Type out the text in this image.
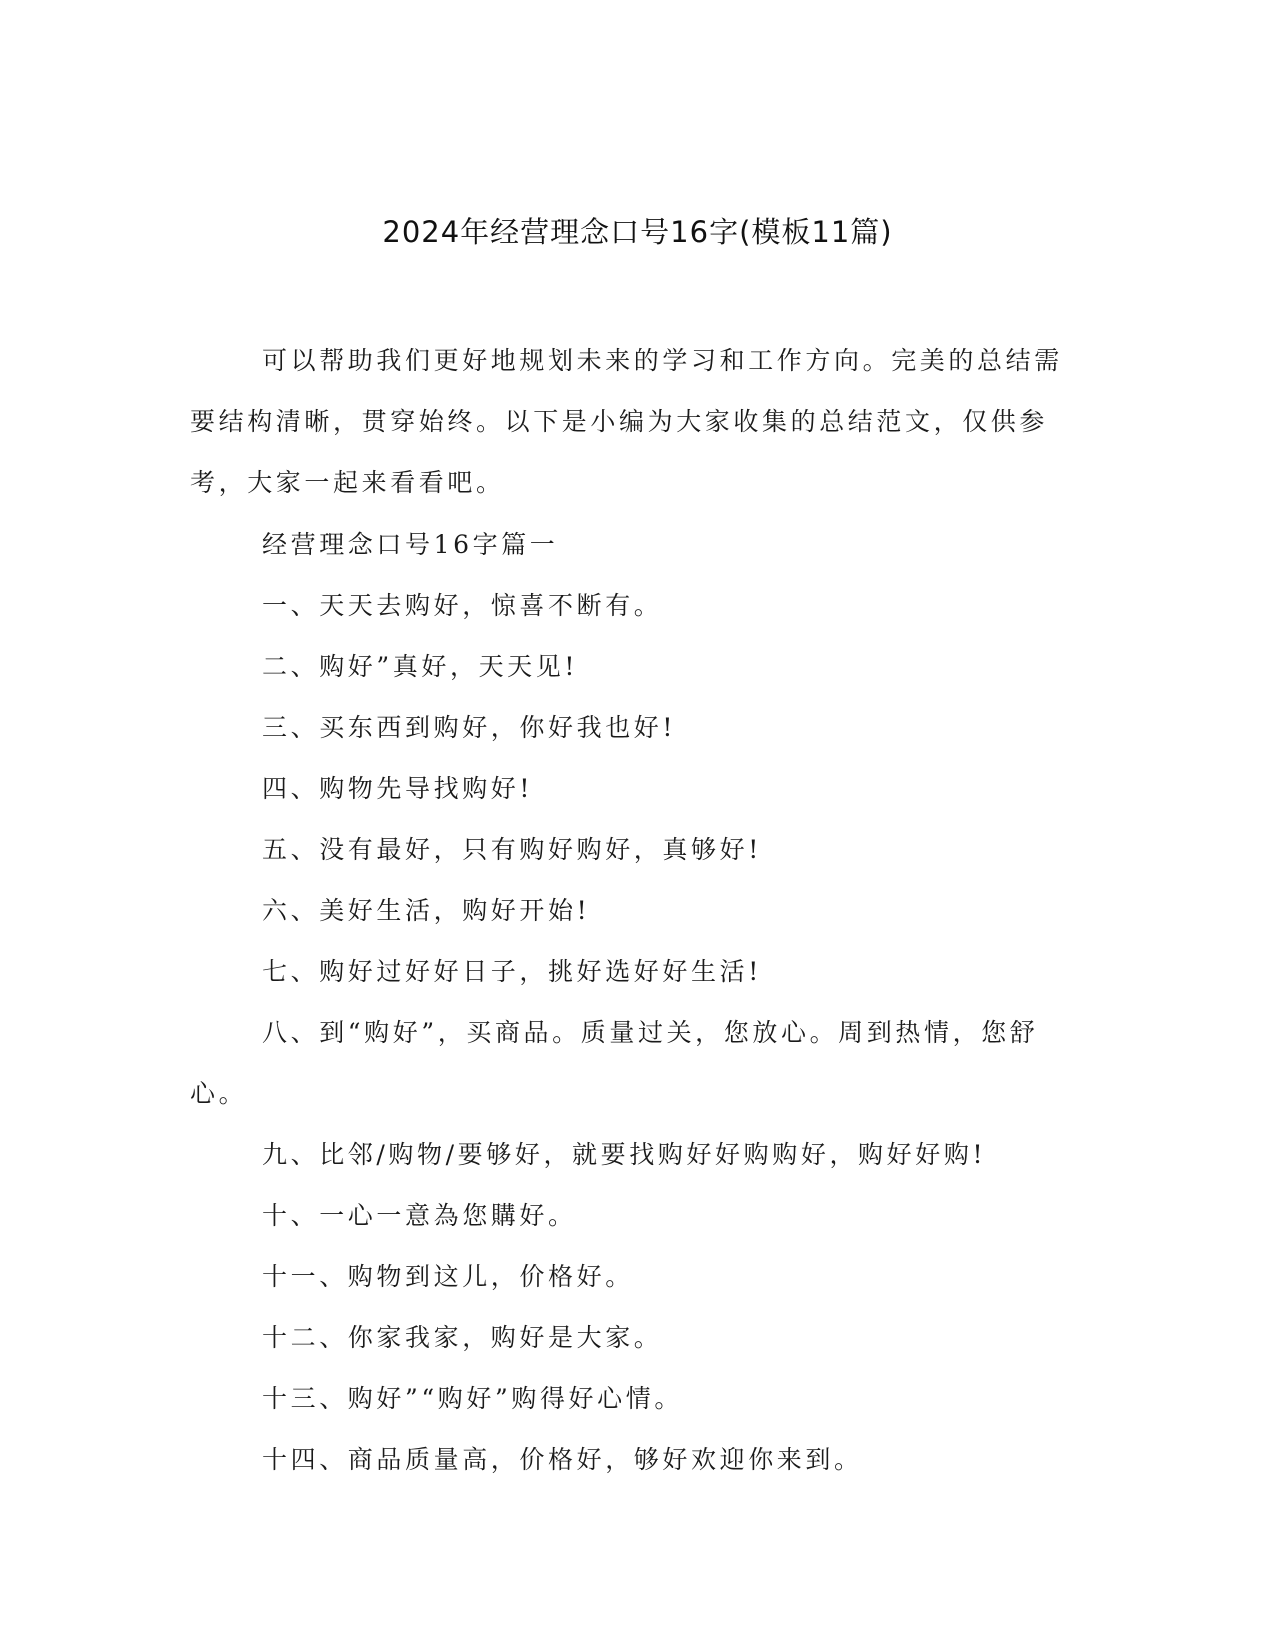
2024年经营理念口号16字(模板11篇)

可以帮助我们更好地规划未来的学习和工作方向。完美的总结需要结构清晰，贯穿始终。以下是小编为大家收集的总结范文，仅供参考，大家一起来看看吧。

经营理念口号16字篇一
一、天天去购好，惊喜不断有。
二、购好”真好，天天见!
三、买东西到购好，你好我也好!
四、购物先导找购好!
五、没有最好，只有购好购好，真够好!
六、美好生活，购好开始!
七、购好过好好日子，挑好选好好生活!
八、到“购好”，买商品。质量过关，您放心。周到热情，您舒心。
九、比邻/购物/要够好，就要找购好好购购好，购好好购!
十、一心一意為您購好。
十一、购物到这儿，价格好。
十二、你家我家，购好是大家。
十三、购好”“购好”购得好心情。
十四、商品质量高，价格好，够好欢迎你来到。
